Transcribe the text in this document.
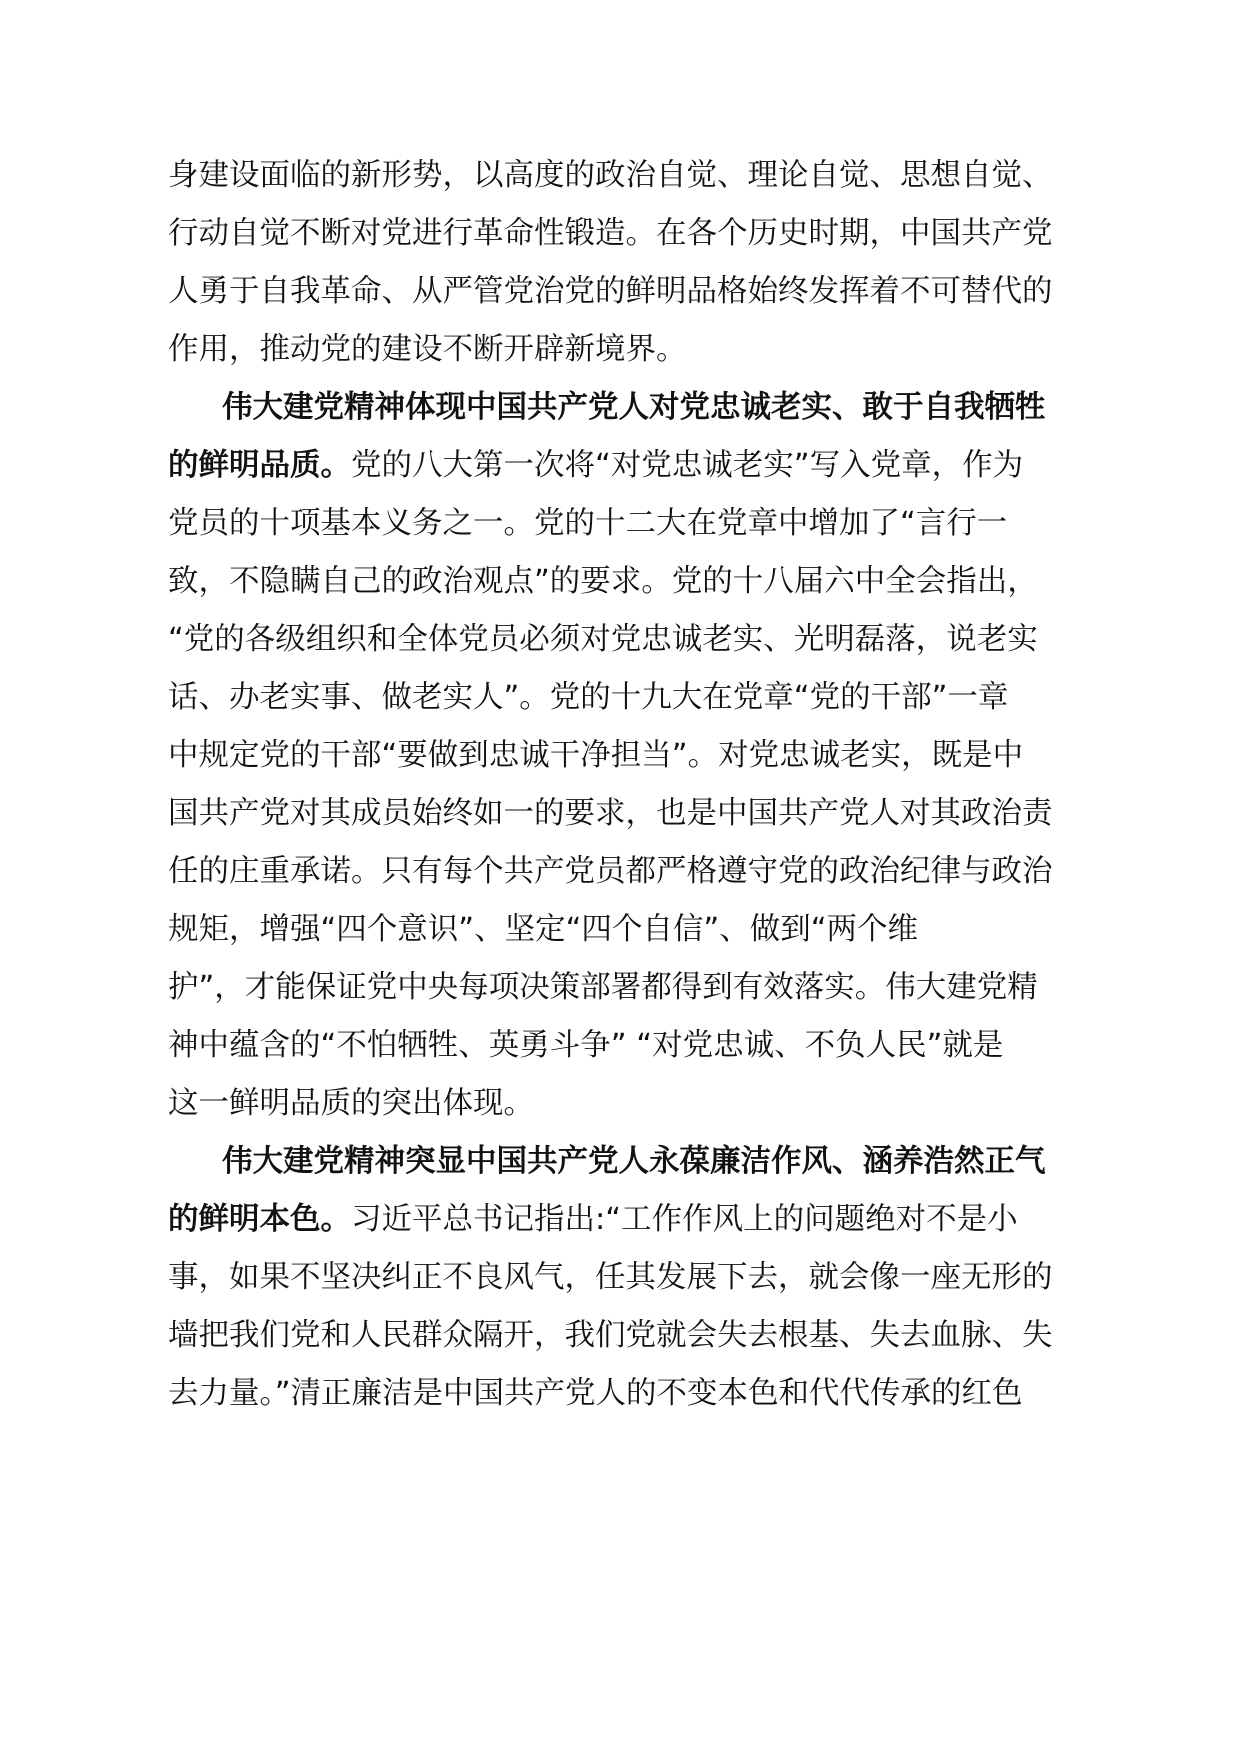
身建设面临的新形势，以高度的政治自觉、理论自觉、思想自觉、
行动自觉不断对党进行革命性锻造。在各个历史时期，中国共产党
人勇于自我革命、从严管党治党的鲜明品格始终发挥着不可替代的
作用，推动党的建设不断开辟新境界。
伟大建党精神体现中国共产党人对党忠诚老实、敢于自我牺牲
的鲜明品质。党的八大第一次将“对党忠诚老实”写入党章，作为
党员的十项基本义务之一。党的十二大在党章中增加了“言行一
致，不隐瞒自己的政治观点”的要求。党的十八届六中全会指出，
“党的各级组织和全体党员必须对党忠诚老实、光明磊落，说老实
话、办老实事、做老实人”。党的十九大在党章“党的干部”一章
中规定党的干部“要做到忠诚干净担当”。对党忠诚老实，既是中
国共产党对其成员始终如一的要求，也是中国共产党人对其政治责
任的庄重承诺。只有每个共产党员都严格遵守党的政治纪律与政治
规矩，增强“四个意识”、坚定“四个自信”、做到“两个维
护”，才能保证党中央每项决策部署都得到有效落实。伟大建党精
神中蕴含的“不怕牺牲、英勇斗争” “对党忠诚、不负人民”就是
这一鲜明品质的突出体现。
伟大建党精神突显中国共产党人永葆廉洁作风、涵养浩然正气
的鲜明本色。习近平总书记指出:“工作作风上的问题绝对不是小
事，如果不坚决纠正不良风气，任其发展下去，就会像一座无形的
墙把我们党和人民群众隔开，我们党就会失去根基、失去血脉、失
去力量。”清正廉洁是中国共产党人的不变本色和代代传承的红色
